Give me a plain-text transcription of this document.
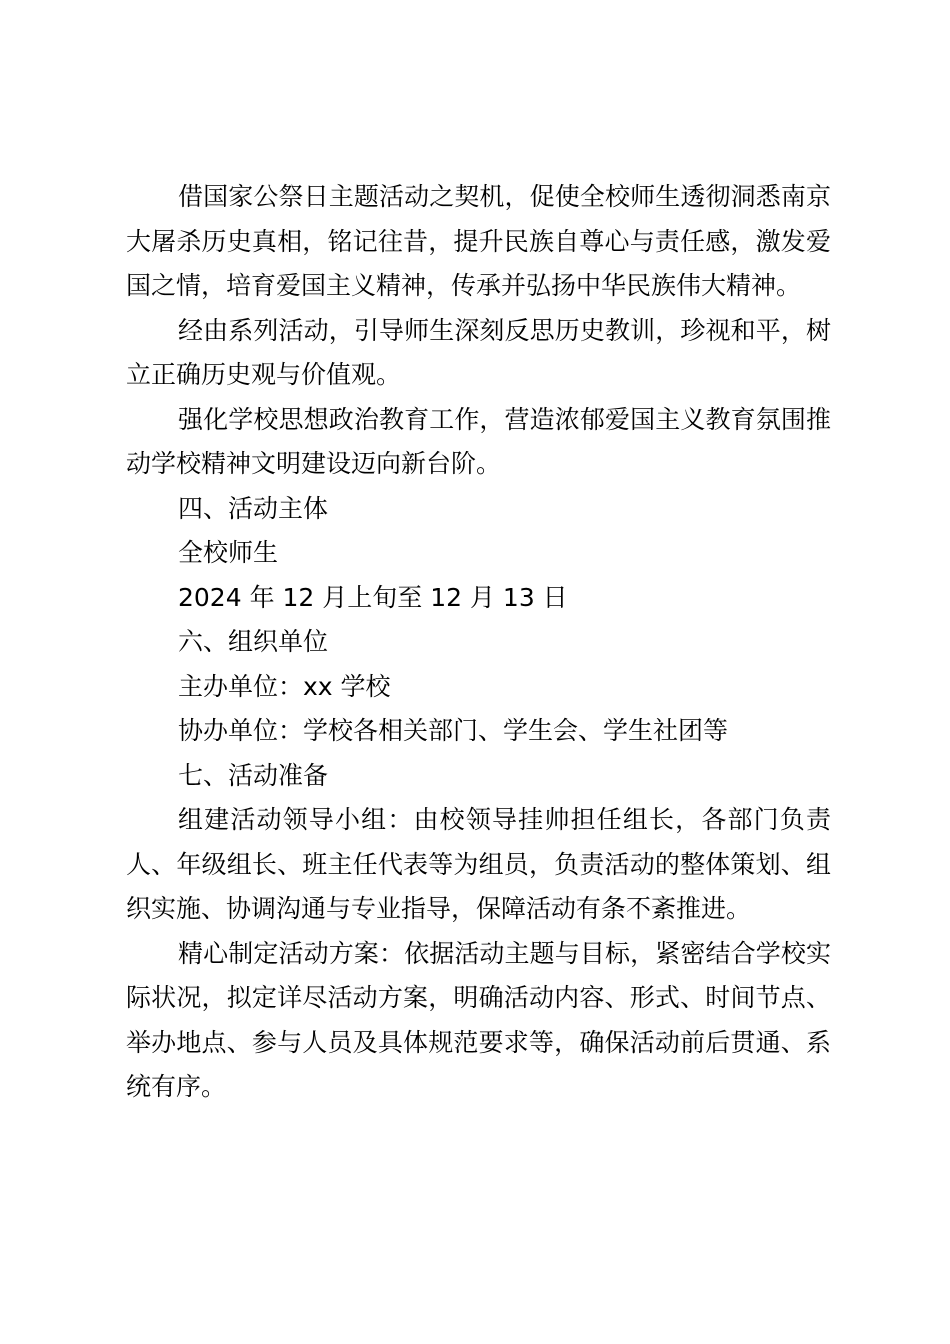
借国家公祭日主题活动之契机，促使全校师生透彻洞悉南京大屠杀历史真相，铭记往昔，提升民族自尊心与责任感，激发爱国之情，培育爱国主义精神，传承并弘扬中华民族伟大精神。

经由系列活动，引导师生深刻反思历史教训，珍视和平，树立正确历史观与价值观。

强化学校思想政治教育工作，营造浓郁爱国主义教育氛围推动学校精神文明建设迈向新台阶。

四、活动主体

全校师生

2024 年 12 月上旬至 12 月 13 日

六、组织单位

主办单位：xx 学校

协办单位：学校各相关部门、学生会、学生社团等

七、活动准备

组建活动领导小组：由校领导挂帅担任组长，各部门负责人、年级组长、班主任代表等为组员，负责活动的整体策划、组织实施、协调沟通与专业指导，保障活动有条不紊推进。

精心制定活动方案：依据活动主题与目标，紧密结合学校实际状况，拟定详尽活动方案，明确活动内容、形式、时间节点、举办地点、参与人员及具体规范要求等，确保活动前后贯通、系统有序。
